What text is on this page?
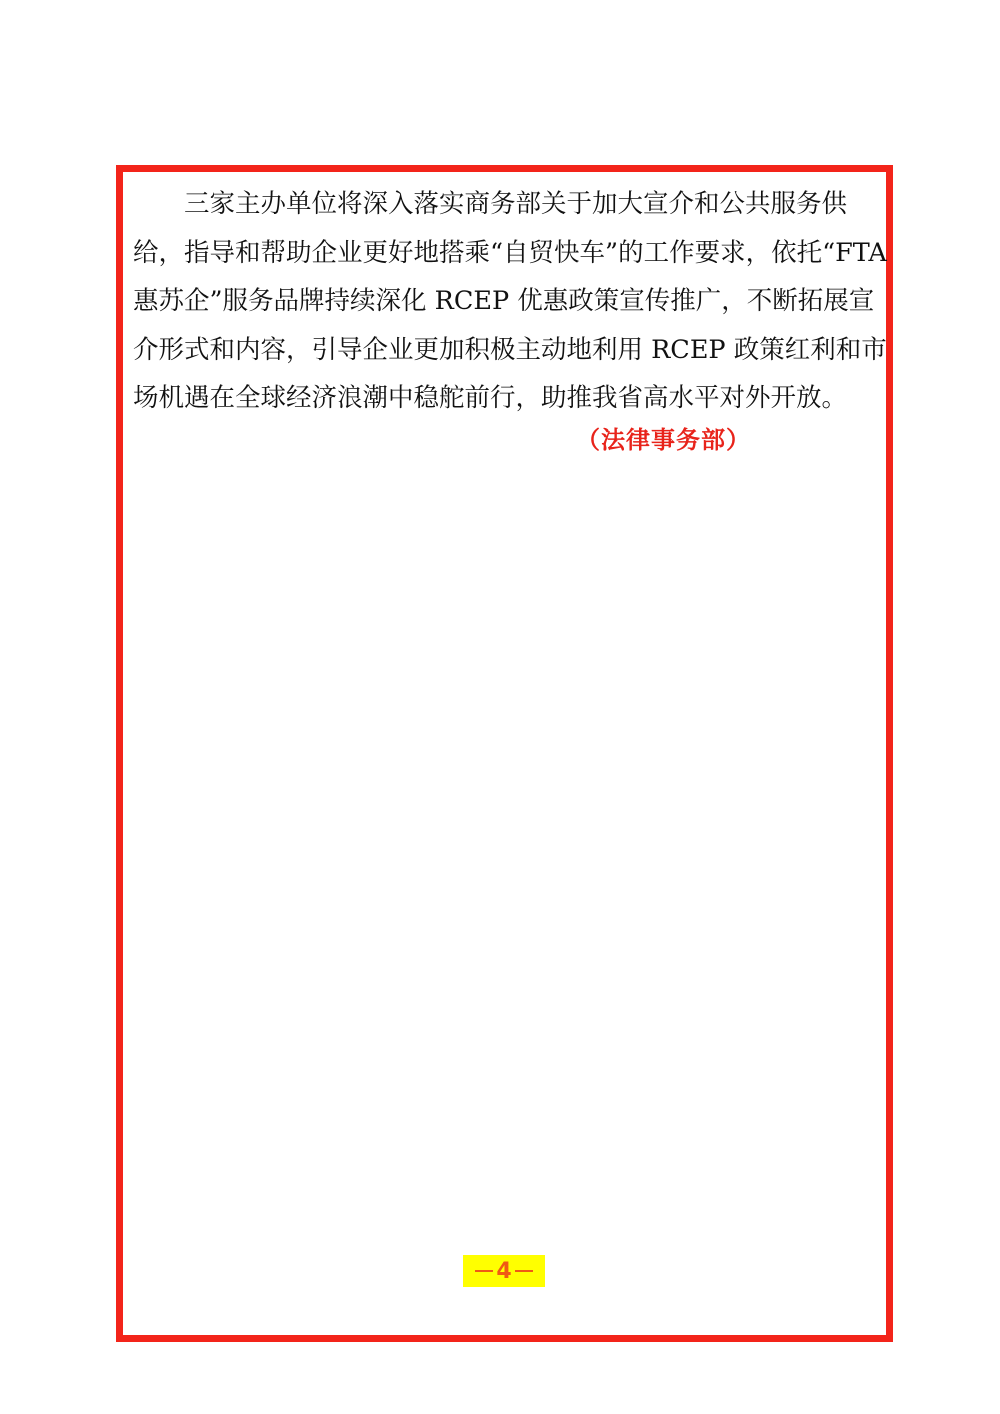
三家主办单位将深入落实商务部关于加大宣介和公共服务供
给，指导和帮助企业更好地搭乘“自贸快车”的工作要求，依托“FTA
惠苏企”服务品牌持续深化 RCEP 优惠政策宣传推广，不断拓展宣
介形式和内容，引导企业更加积极主动地利用 RCEP 政策红利和市
场机遇在全球经济浪潮中稳舵前行，助推我省高水平对外开放。

（法律事务部）
4
